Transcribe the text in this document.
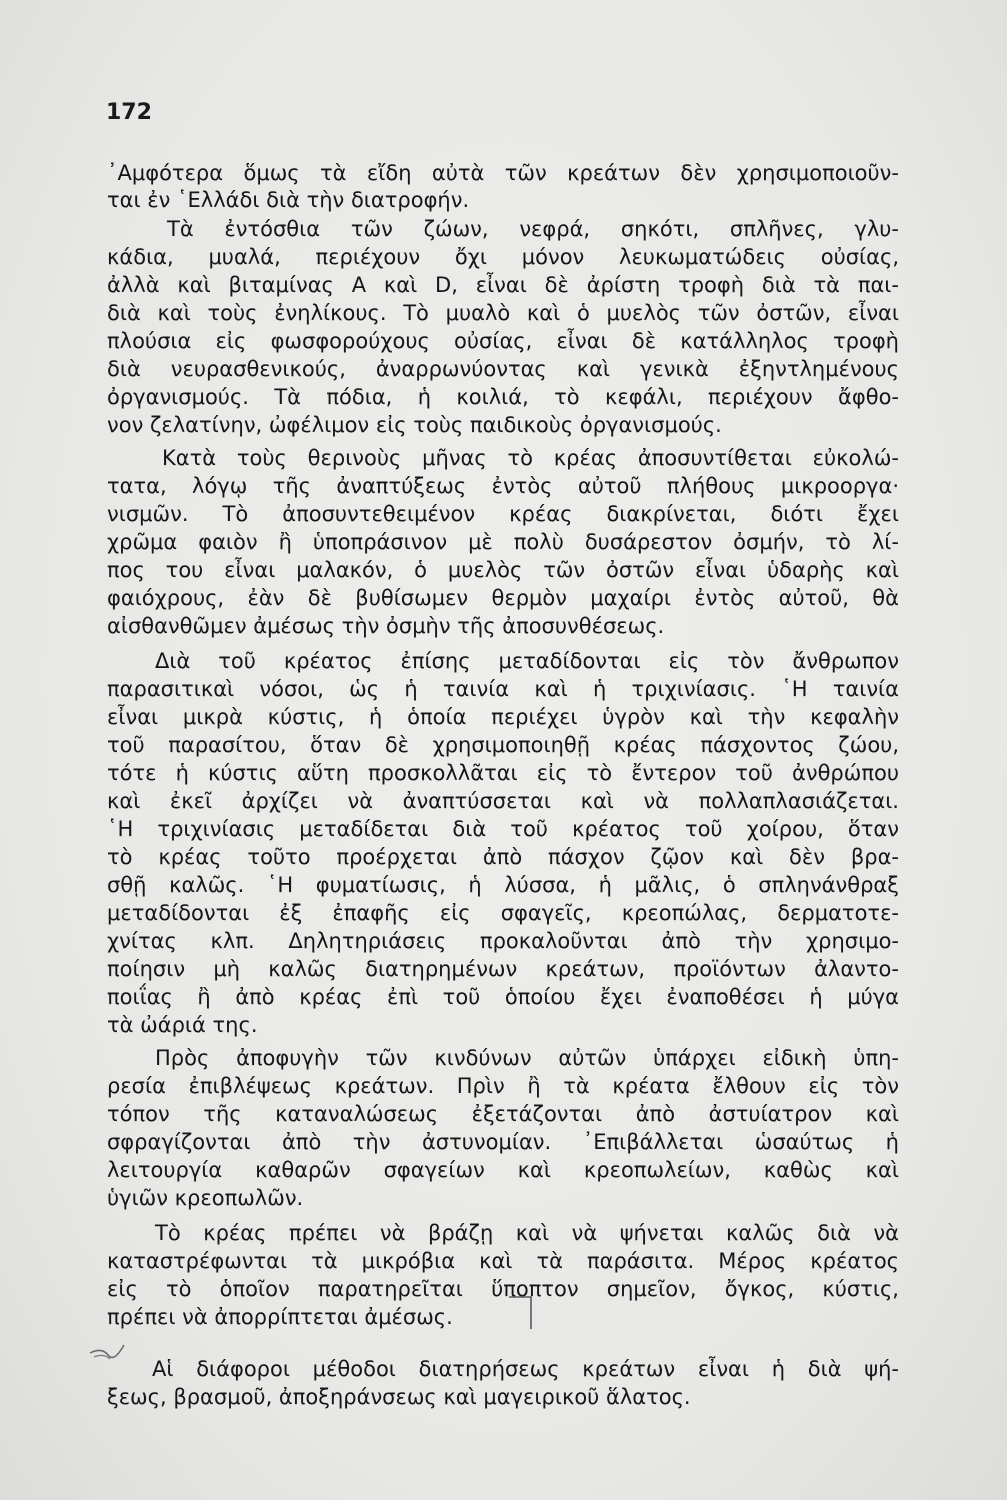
172
᾿Αμφότερα ὅμως τὰ εἴδη αὐτὰ τῶν κρεάτων δὲν χρησιμοποιοῦν-
ται ἐν ῾Ελλάδι διὰ τὴν διατροφήν.
Τὰ ἐντόσθια τῶν ζώων, νεφρά, σηκότι, σπλῆνες, γλυ-
κάδια, μυαλά, περιέχουν ὄχι μόνον λευκωματώδεις οὐσίας,
ἀλλὰ καὶ βιταμίνας A καὶ D, εἶναι δὲ ἀρίστη τροφὴ διὰ τὰ παι-
διὰ καὶ τοὺς ἐνηλίκους. Τὸ μυαλὸ καὶ ὁ μυελὸς τῶν ὀστῶν, εἶναι
πλούσια εἰς φωσφορούχους οὐσίας, εἶναι δὲ κατάλληλος τροφὴ
διὰ νευρασθενικούς, ἀναρρωνύοντας καὶ γενικὰ ἐξηντλημένους
ὀργανισμούς. Τὰ πόδια, ἡ κοιλιά, τὸ κεφάλι, περιέχουν ἄφθο-
νον ζελατίνην, ὠφέλιμον εἰς τοὺς παιδικοὺς ὀργανισμούς.
Κατὰ τοὺς θερινοὺς μῆνας τὸ κρέας ἀποσυντίθεται εὐκολώ-
τατα, λόγῳ τῆς ἀναπτύξεως ἐντὸς αὐτοῦ πλήθους μικροοργα·
νισμῶν. Τὸ ἀποσυντεθειμένον κρέας διακρίνεται, διότι ἔχει
χρῶμα φαιὸν ἢ ὑποπράσινον μὲ πολὺ δυσάρεστον ὀσμήν, τὸ λί-
πος του εἶναι μαλακόν, ὁ μυελὸς τῶν ὀστῶν εἶναι ὑδαρὴς καὶ
φαιόχρους, ἐὰν δὲ βυθίσωμεν θερμὸν μαχαίρι ἐντὸς αὐτοῦ, θὰ
αἰσθανθῶμεν ἀμέσως τὴν ὀσμὴν τῆς ἀποσυνθέσεως.
Διὰ τοῦ κρέατος ἐπίσης μεταδίδονται εἰς τὸν ἄνθρωπον
παρασιτικαὶ νόσοι, ὡς ἡ ταινία καὶ ἡ τριχινίασις. ῾Η ταινία
εἶναι μικρὰ κύστις, ἡ ὁποία περιέχει ὑγρὸν καὶ τὴν κεφαλὴν
τοῦ παρασίτου, ὅταν δὲ χρησιμοποιηθῇ κρέας πάσχοντος ζώου,
τότε ἡ κύστις αὕτη προσκολλᾶται εἰς τὸ ἔντερον τοῦ ἀνθρώπου
καὶ ἐκεῖ ἀρχίζει νὰ ἀναπτύσσεται καὶ νὰ πολλαπλασιάζεται.
῾Η τριχινίασις μεταδίδεται διὰ τοῦ κρέατος τοῦ χοίρου, ὅταν
τὸ κρέας τοῦτο προέρχεται ἀπὸ πάσχον ζῷον καὶ δὲν βρα-
σθῇ καλῶς. ῾Η φυματίωσις, ἡ λύσσα, ἡ μᾶλις, ὁ σπληνάνθραξ
μεταδίδονται ἐξ ἐπαφῆς εἰς σφαγεῖς, κρεοπώλας, δερματοτε-
χνίτας κλπ. Δηλητηριάσεις προκαλοῦνται ἀπὸ τὴν χρησιμο-
ποίησιν μὴ καλῶς διατηρημένων κρεάτων, προϊόντων ἀλαντο-
ποιΐας ἢ ἀπὸ κρέας ἐπὶ τοῦ ὁποίου ἔχει ἐναποθέσει ἡ μύγα
τὰ ὠάριά της.
Πρὸς ἀποφυγὴν τῶν κινδύνων αὐτῶν ὑπάρχει εἰδικὴ ὑπη-
ρεσία ἐπιβλέψεως κρεάτων. Πρὶν ἢ τὰ κρέατα ἔλθουν εἰς τὸν
τόπον τῆς καταναλώσεως ἐξετάζονται ἀπὸ ἀστυίατρον καὶ
σφραγίζονται ἀπὸ τὴν ἀστυνομίαν. ᾿Επιβάλλεται ὡσαύτως ἡ
λειτουργία καθαρῶν σφαγείων καὶ κρεοπωλείων, καθὼς καὶ
ὑγιῶν κρεοπωλῶν.
Τὸ κρέας πρέπει νὰ βράζῃ καὶ νὰ ψήνεται καλῶς διὰ νὰ
καταστρέφωνται τὰ μικρόβια καὶ τὰ παράσιτα. Μέρος κρέατος
εἰς τὸ ὁποῖον παρατηρεῖται ὕποπτον σημεῖον, ὄγκος, κύστις,
πρέπει νὰ ἀπορρίπτεται ἀμέσως.
Αἱ διάφοροι μέθοδοι διατηρήσεως κρεάτων εἶναι ἡ διὰ ψή-
ξεως, βρασμοῦ, ἀποξηράνσεως καὶ μαγειρικοῦ ἅλατος.
